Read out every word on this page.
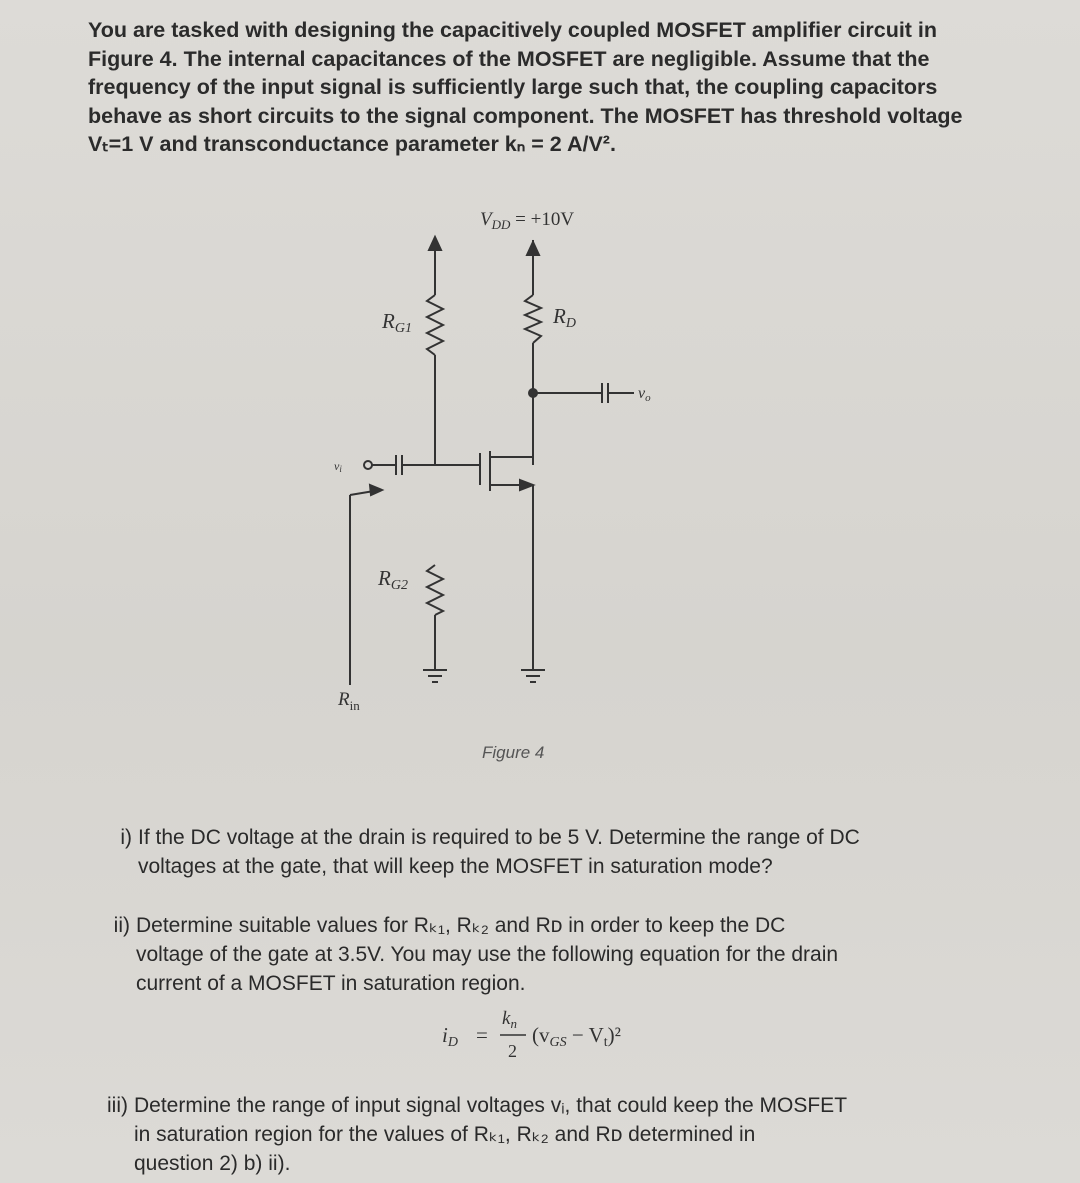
You are tasked with designing the capacitively coupled MOSFET amplifier circuit in
Figure 4. The internal capacitances of the MOSFET are negligible. Assume that the
frequency of the input signal is sufficiently large such that, the coupling capacitors
behave as short circuits to the signal component. The MOSFET has threshold voltage
Vₜ=1 V and transconductance parameter kₙ = 2 A/V².
$V_{DD} = +10V$
RG1
RD
RG2
vo
vi
$R_{in}$
Figure 4
i) If the DC voltage at the drain is required to be 5 V. Determine the range of DC
voltages at the gate, that will keep the MOSFET in saturation mode?
ii) Determine suitable values for Rₖ₁, Rₖ₂ and Rᴅ in order to keep the DC
voltage of the gate at 3.5V. You may use the following equation for the drain
current of a MOSFET in saturation region.
iD =
$k_n$
2
(vGS − Vt)²
iii) Determine the range of input signal voltages vᵢ, that could keep the MOSFET
in saturation region for the values of Rₖ₁, Rₖ₂ and Rᴅ determined in
question 2) b) ii).
